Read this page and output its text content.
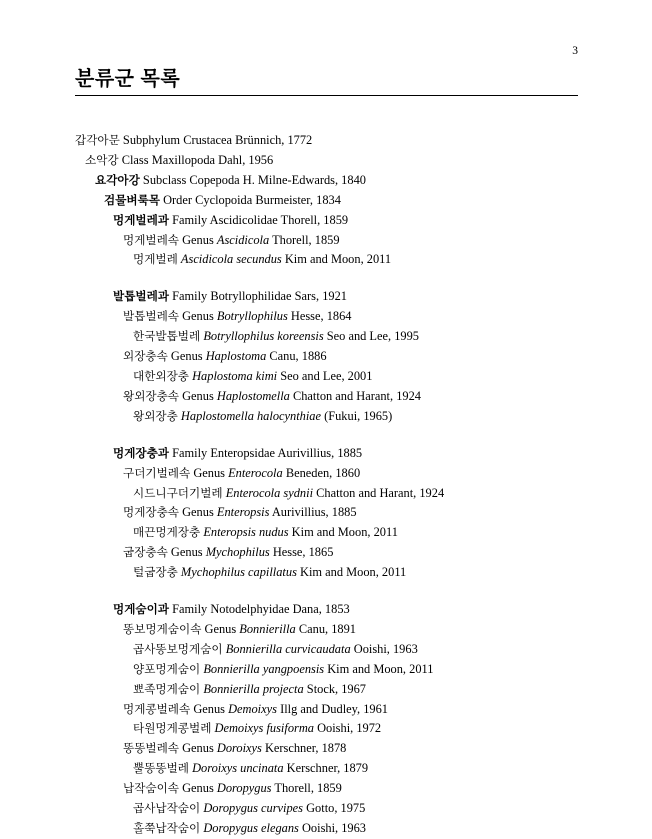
3
분류군 목록
갑각아문 Subphylum Crustacea Brünnich, 1772
소악강 Class Maxillopoda Dahl, 1956
요각아강 Subclass Copepoda H. Milne-Edwards, 1840
검물벼룩목 Order Cyclopoida Burmeister, 1834
멍게벌레과 Family Ascidicolidae Thorell, 1859
멍게벌레속 Genus Ascidicola Thorell, 1859
멍게벌레 Ascidicola secundus Kim and Moon, 2011
발톱벌레과 Family Botryllophilidae Sars, 1921
발톱벌레속 Genus Botryllophilus Hesse, 1864
한국발톱벌레 Botryllophilus koreensis Seo and Lee, 1995
외장충속 Genus Haplostoma Canu, 1886
대한외장충 Haplostoma kimi Seo and Lee, 2001
왕외장충속 Genus Haplostomella Chatton and Harant, 1924
왕외장충 Haplostomella halocynthiae (Fukui, 1965)
멍게장충과 Family Enteropsidae Aurivillius, 1885
구더기벌레속 Genus Enterocola Beneden, 1860
시드니구더기벌레 Enterocola sydnii Chatton and Harant, 1924
멍게장충속 Genus Enteropsis Aurivillius, 1885
매끈멍게장충 Enteropsis nudus Kim and Moon, 2011
굽장충속 Genus Mychophilus Hesse, 1865
털굽장충 Mychophilus capillatus Kim and Moon, 2011
멍게숨이과 Family Notodelphyidae Dana, 1853
똥보멍게숨이속 Genus Bonnierilla Canu, 1891
곱사똥보멍게숨이 Bonnierilla curvicaudata Ooishi, 1963
양포멍게숨이 Bonnierilla yangpoensis Kim and Moon, 2011
뾰족멍게숨이 Bonnierilla projecta Stock, 1967
멍게콩벌레속 Genus Demoixys Illg and Dudley, 1961
타원멍게콩벌레 Demoixys fusiforma Ooishi, 1972
똥똥벌레속 Genus Doroixys Kerschner, 1878
뿔똥똥벌레 Doroixys uncinata Kerschner, 1879
납작숨이속 Genus Doropygus Thorell, 1859
곱사납작숨이 Doropygus curvipes Gotto, 1975
홀쭉납작숨이 Doropygus elegans Ooishi, 1963
